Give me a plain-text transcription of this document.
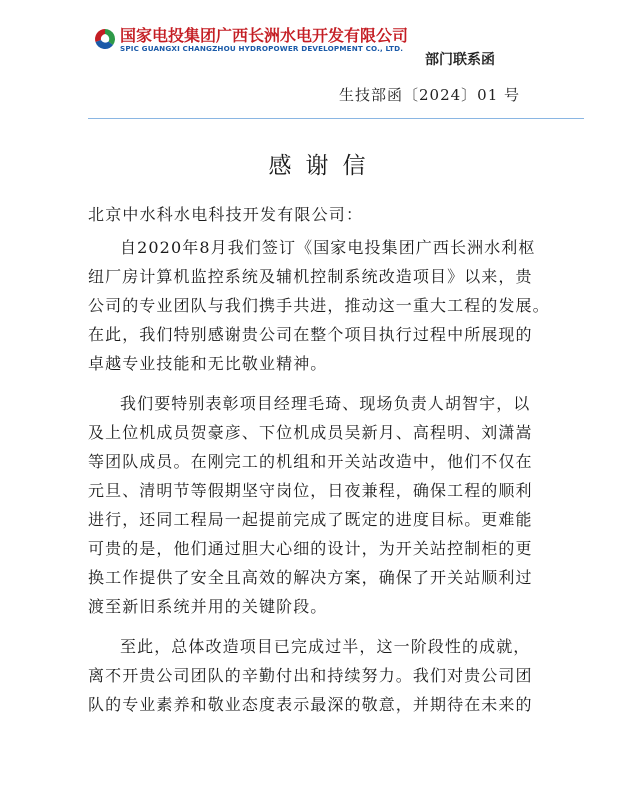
国家电投集团广西长洲水电开发有限公司
SPIC GUANGXI CHANGZHOU HYDROPOWER DEVELOPMENT CO., LTD.
部门联系函
生技部函〔2024〕01 号
感谢信
北京中水科水电科技开发有限公司：
自2020年8月我们签订《国家电投集团广西长洲水利枢
纽厂房计算机监控系统及辅机控制系统改造项目》以来，贵
公司的专业团队与我们携手共进，推动这一重大工程的发展。
在此，我们特别感谢贵公司在整个项目执行过程中所展现的
卓越专业技能和无比敬业精神。
我们要特别表彰项目经理毛琦、现场负责人胡智宇，以
及上位机成员贺豪彦、下位机成员吴新月、高程明、刘潇嵩
等团队成员。在刚完工的机组和开关站改造中，他们不仅在
元旦、清明节等假期坚守岗位，日夜兼程，确保工程的顺利
进行，还同工程局一起提前完成了既定的进度目标。更难能
可贵的是，他们通过胆大心细的设计，为开关站控制柜的更
换工作提供了安全且高效的解决方案，确保了开关站顺利过
渡至新旧系统并用的关键阶段。
至此，总体改造项目已完成过半，这一阶段性的成就，
离不开贵公司团队的辛勤付出和持续努力。我们对贵公司团
队的专业素养和敬业态度表示最深的敬意，并期待在未来的
